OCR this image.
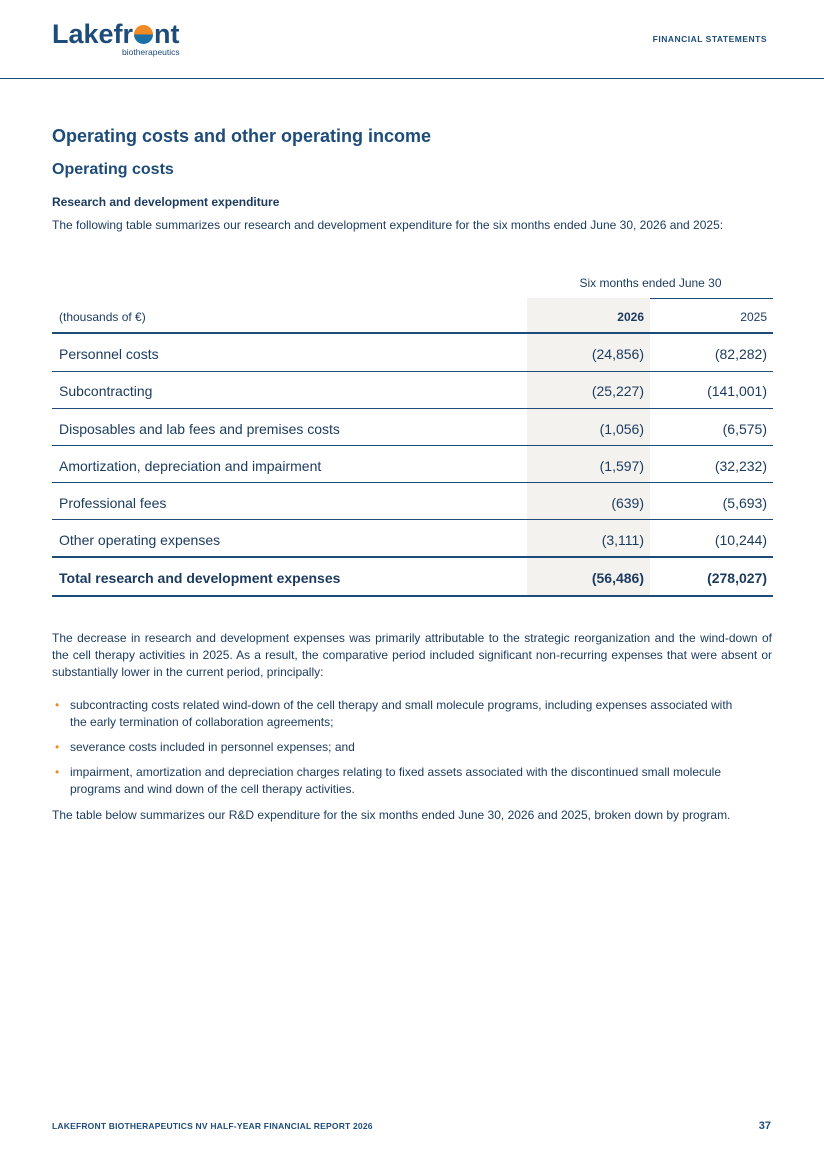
Lakefr nt
biotherapeutics
FINANCIAL STATEMENTS
Operating costs and other operating income
Operating costs
Research and development expenditure
The following table summarizes our research and development expenditure for the six months ended June 30, 2026 and 2025:
Six months ended June 30
(thousands of €)	2026	2025
Personnel costs	(24,856)	(82,282)
Subcontracting	(25,227)	(141,001)
Disposables and lab fees and premises costs	(1,056)	(6,575)
Amortization, depreciation and impairment	(1,597)	(32,232)
Professional fees	(639)	(5,693)
Other operating expenses	(3,111)	(10,244)
Total research and development expenses	(56,486)	(278,027)
The decrease in research and development expenses was primarily attributable to the strategic reorganization and the wind-down of the cell therapy activities in 2025. As a result, the comparative period included significant non-recurring expenses that were absent or substantially lower in the current period, principally:
• subcontracting costs related wind-down of the cell therapy and small molecule programs, including expenses associated with the early termination of collaboration agreements;
• severance costs included in personnel expenses; and
• impairment, amortization and depreciation charges relating to fixed assets associated with the discontinued small molecule programs and wind down of the cell therapy activities.
The table below summarizes our R&D expenditure for the six months ended June 30, 2026 and 2025, broken down by program.
LAKEFRONT BIOTHERAPEUTICS NV HALF-YEAR FINANCIAL REPORT 2026	37
